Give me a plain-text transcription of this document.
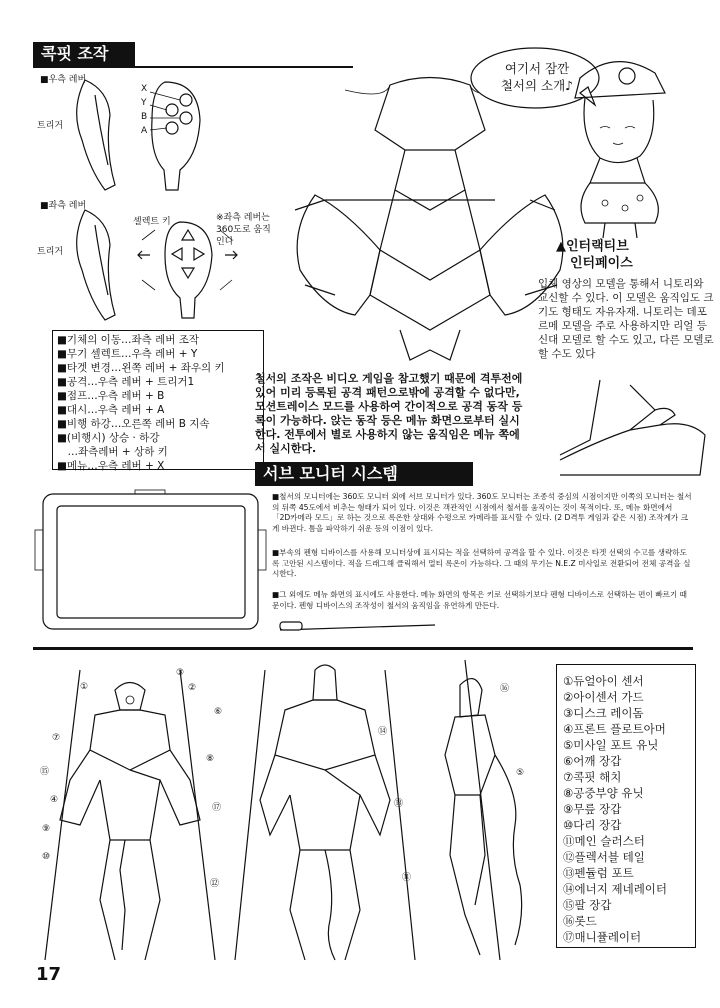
콕핏 조작
■우측 레버
트리거
X
Y
B
A
■좌측 레버
트리거
셀렉트 키	※좌측 레버는 360도로 움직인다
■기체의 이동…좌측 레버 조작
■무기 셀렉트…우측 레버 + Y
■타겟 변경…왼쪽 레버 + 좌우의 키
■공격…우측 레버 + 트리거1
■점프…우측 레버 + B
■대시…우측 레버 + A
■비행 하강…오른쪽 레버 B 지속
■(비행시) 상승 · 하강
　…좌측레버 + 상하 키
■메뉴…우측 레버 + X
철서의 조작은 비디오 게임을 참고했기 때문에 격투전에 있어 미리 등록된 공격 패턴으로밖에 공격할 수 없다만, 모션트레이스 모드를 사용하여 간이적으로 공격 동작 등록이 가능하다. 앉는 동작 등은 메뉴 화면으로부터 실시한다. 전투에서 별로 사용하지 않는 움직임은 메뉴 쪽에서 실시한다.
여기서 잠깐
철서의 소개♪
▲인터랙티브
인터페이스
입체 영상의 모델을 통해서 니토리와 교신할 수 있다. 이 모델은 움직임도 크기도 형태도 자유자재. 니토리는 데포르메 모델을 주로 사용하지만 리얼 등신대 모델로 할 수도 있고, 다른 모델로 할 수도 있다
서브 모니터 시스템
■철서의 모니터에는 360도 모니터 외에 서브 모니터가 있다. 360도 모니터는 조종석 중심의 시점이지만 이쪽의 모니터는 철서의 뒤쪽 45도에서 비추는 형태가 되어 있다. 이것은 객관적인 시점에서 철서를 움직이는 것이 목적이다. 또, 메뉴 화면에서 「2D카메라 모드」로 하는 것으로 록온한 상대와 수평으로 카메라를 표시할 수 있다. (2 D격투 게임과 같은 시점) 조작계가 크게 바뀐다. 틈을 파악하기 쉬운 등의 이점이 있다.
■부속의 펜형 디바이스를 사용해 모니터상에 표시되는 적을 선택하여 공격을 할 수 있다. 이것은 타겟 선택의 수고를 생략하도록 고안된 시스템이다. 적을 드래그해 클릭해서 멀티 록온이 가능하다. 그 때의 무기는 N.E.Z 미사일로 전환되어 전체 공격을 실시한다.
■그 외에도 메뉴 화면의 표시에도 사용한다. 메뉴 화면의 항목은 키로 선택하기보다 펜형 디바이스로 선택하는 편이 빠르기 때문이다. 펜형 디바이스의 조작성이 철서의 움직임을 유연하게 만든다.
①	②
③
④
⑤
⑥
⑦
⑧
⑨
⑩
⑪
⑫
⑬
⑭
⑮
⑯
⑰
①듀얼아이 센서
②아이센서 가드
③디스크 레이돔
④프론트 플로트아머
⑤미사일 포트 유닛
⑥어깨 장갑
⑦콕핏 해치
⑧공중부양 유닛
⑨무릎 장갑
⑩다리 장갑
⑪메인 슬러스터
⑫플렉서블 테일
⑬펜듈럼 포트
⑭에너지 제네레이터
⑮팔 장갑
⑯롯드
⑰매니퓰레이터
17
